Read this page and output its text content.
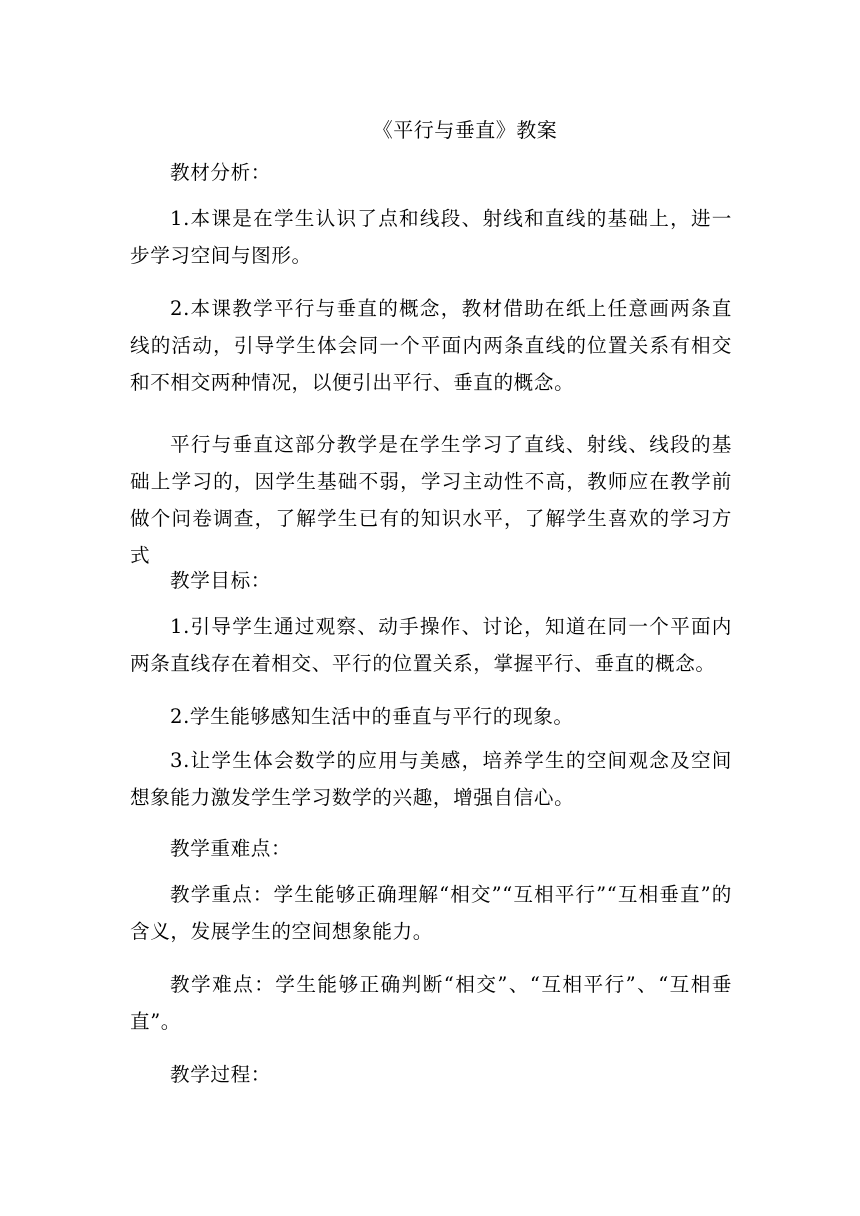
《平行与垂直》教案
教材分析：
1.本课是在学生认识了点和线段、射线和直线的基础上，进一步学习空间与图形。
2.本课教学平行与垂直的概念，教材借助在纸上任意画两条直线的活动，引导学生体会同一个平面内两条直线的位置关系有相交和不相交两种情况，以便引出平行、垂直的概念。
平行与垂直这部分教学是在学生学习了直线、射线、线段的基础上学习的，因学生基础不弱，学习主动性不高，教师应在教学前做个问卷调查，了解学生已有的知识水平，了解学生喜欢的学习方式
教学目标：
1.引导学生通过观察、动手操作、讨论，知道在同一个平面内两条直线存在着相交、平行的位置关系，掌握平行、垂直的概念。
2.学生能够感知生活中的垂直与平行的现象。
3.让学生体会数学的应用与美感，培养学生的空间观念及空间想象能力激发学生学习数学的兴趣，增强自信心。
教学重难点：
教学重点：学生能够正确理解“相交”“互相平行”“互相垂直”的含义，发展学生的空间想象能力。
教学难点：学生能够正确判断“相交”、“互相平行”、“互相垂直”。
教学过程：
